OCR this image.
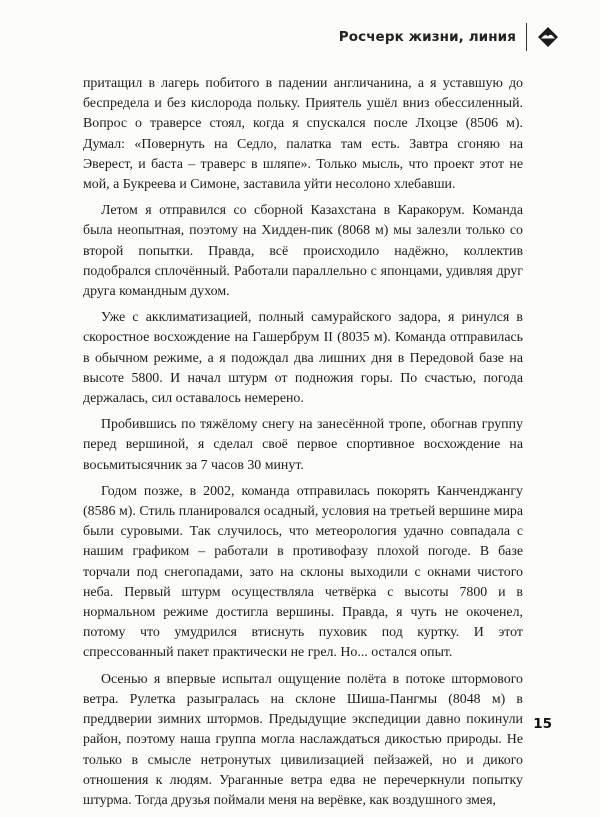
Росчерк жизни, линия

притащил в лагерь побитого в падении англичанина, а я уставшую до беспредела и без кислорода польку. Приятель ушёл вниз обессиленный. Вопрос о траверсе стоял, когда я спускался после Лхоцзе (8506 м). Думал: «Повернуть на Седло, палатка там есть. Завтра сгоняю на Эверест, и баста – траверс в шляпе». Только мысль, что проект этот не мой, а Букреева и Симоне, заставила уйти несолоно хлебавши.

Летом я отправился со сборной Казахстана в Каракорум. Команда была неопытная, поэтому на Хидден-пик (8068 м) мы залезли только со второй попытки. Правда, всё происходило надёжно, коллектив подобрался сплочённый. Работали параллельно с японцами, удивляя друг друга командным духом.

Уже с акклиматизацией, полный самурайского задора, я ринулся в скоростное восхождение на Гашербрум II (8035 м). Команда отправилась в обычном режиме, а я подождал два лишних дня в Передовой базе на высоте 5800. И начал штурм от подножия горы. По счастью, погода держалась, сил оставалось немерено.

Пробившись по тяжёлому снегу на занесённой тропе, обогнав группу перед вершиной, я сделал своё первое спортивное восхождение на восьмитысячник за 7 часов 30 минут.

Годом позже, в 2002, команда отправилась покорять Канченджангу (8586 м). Стиль планировался осадный, условия на третьей вершине мира были суровыми. Так случилось, что метеорология удачно совпадала с нашим графиком – работали в противофазу плохой погоде. В базе торчали под снегопадами, зато на склоны выходили с окнами чистого неба. Первый штурм осуществляла четвёрка с высоты 7800 и в нормальном режиме достигла вершины. Правда, я чуть не окоченел, потому что умудрился втиснуть пуховик под куртку. И этот спрессованный пакет практически не грел. Но... остался опыт.

Осенью я впервые испытал ощущение полёта в потоке штормового ветра. Рулетка разыгралась на склоне Шиша-Пангмы (8048 м) в преддверии зимних штормов. Предыдущие экспедиции давно покинули район, поэтому наша группа могла наслаждаться дикостью природы. Не только в смысле нетронутых цивилизацией пейзажей, но и дикого отношения к людям. Ураганные ветра едва не перечеркнули попытку штурма. Тогда друзья поймали меня на верёвке, как воздушного змея,

15
